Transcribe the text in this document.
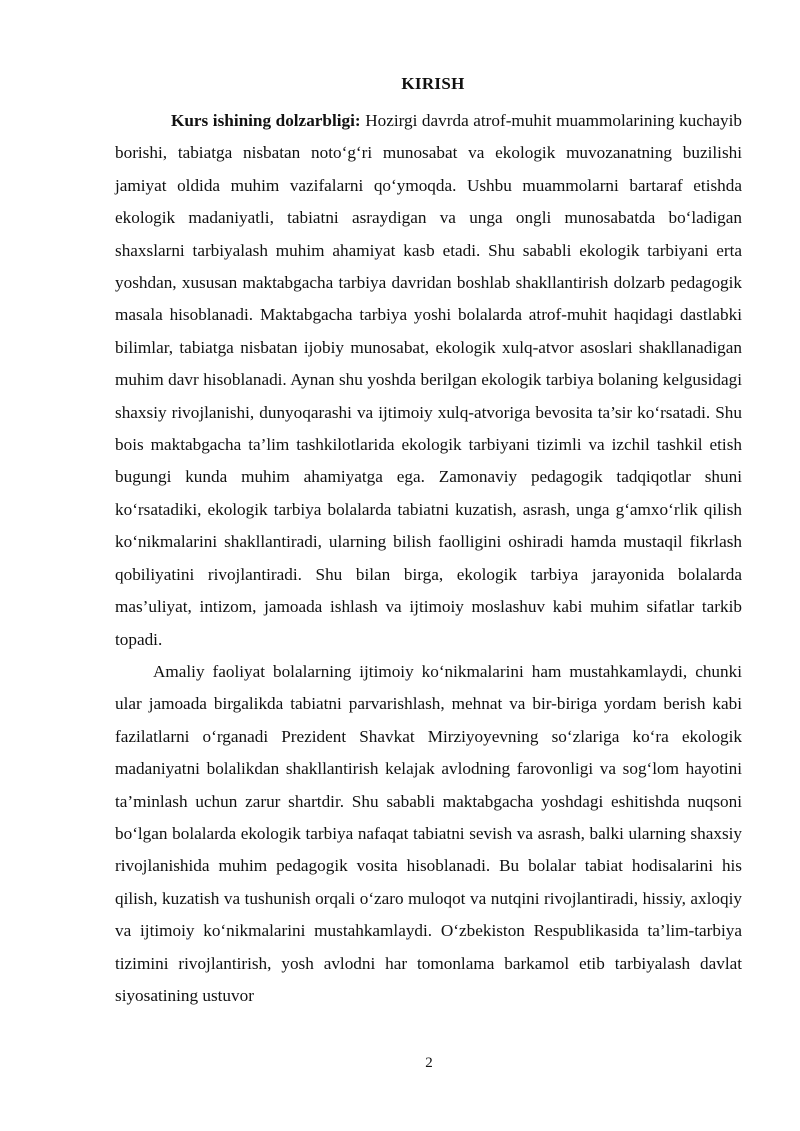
KIRISH

Kurs ishining dolzarbligi: Hozirgi davrda atrof-muhit muammolarining kuchayib borishi, tabiatga nisbatan noto‘g‘ri munosabat va ekologik muvozanatning buzilishi jamiyat oldida muhim vazifalarni qo‘ymoqda. Ushbu muammolarni bartaraf etishda ekologik madaniyatli, tabiatni asraydigan va unga ongli munosabatda bo‘ladigan shaxslarni tarbiyalash muhim ahamiyat kasb etadi. Shu sababli ekologik tarbiyani erta yoshdan, xususan maktabgacha tarbiya davridan boshlab shakllantirish dolzarb pedagogik masala hisoblanadi. Maktabgacha tarbiya yoshi bolalarda atrof-muhit haqidagi dastlabki bilimlar, tabiatga nisbatan ijobiy munosabat, ekologik xulq-atvor asoslari shakllanadigan muhim davr hisoblanadi. Aynan shu yoshda berilgan ekologik tarbiya bolaning kelgusidagi shaxsiy rivojlanishi, dunyoqarashi va ijtimoiy xulq-atvoriga bevosita ta’sir ko‘rsatadi. Shu bois maktabgacha ta’lim tashkilotlarida ekologik tarbiyani tizimli va izchil tashkil etish bugungi kunda muhim ahamiyatga ega. Zamonaviy pedagogik tadqiqotlar shuni ko‘rsatadiki, ekologik tarbiya bolalarda tabiatni kuzatish, asrash, unga g‘amxo‘rlik qilish ko‘nikmalarini shakllantiradi, ularning bilish faolligini oshiradi hamda mustaqil fikrlash qobiliyatini rivojlantiradi. Shu bilan birga, ekologik tarbiya jarayonida bolalarda mas’uliyat, intizom, jamoada ishlash va ijtimoiy moslashuv kabi muhim sifatlar tarkib topadi.

Amaliy faoliyat bolalarning ijtimoiy ko‘nikmalarini ham mustahkamlaydi, chunki ular jamoada birgalikda tabiatni parvarishlash, mehnat va bir-biriga yordam berish kabi fazilatlarni o‘rganadi Prezident Shavkat Mirziyoyevning so‘zlariga ko‘ra ekologik madaniyatni bolalikdan shakllantirish kelajak avlodning farovonligi va sog‘lom hayotini ta’minlash uchun zarur shartdir. Shu sababli maktabgacha yoshdagi eshitishda nuqsoni bo‘lgan bolalarda ekologik tarbiya nafaqat tabiatni sevish va asrash, balki ularning shaxsiy rivojlanishida muhim pedagogik vosita hisoblanadi. Bu bolalar tabiat hodisalarini his qilish, kuzatish va tushunish orqali o‘zaro muloqot va nutqini rivojlantiradi, hissiy, axloqiy va ijtimoiy ko‘nikmalarini mustahkamlaydi. O‘zbekiston Respublikasida ta’lim-tarbiya tizimini rivojlantirish, yosh avlodni har tomonlama barkamol etib tarbiyalash davlat siyosatining ustuvor

2
